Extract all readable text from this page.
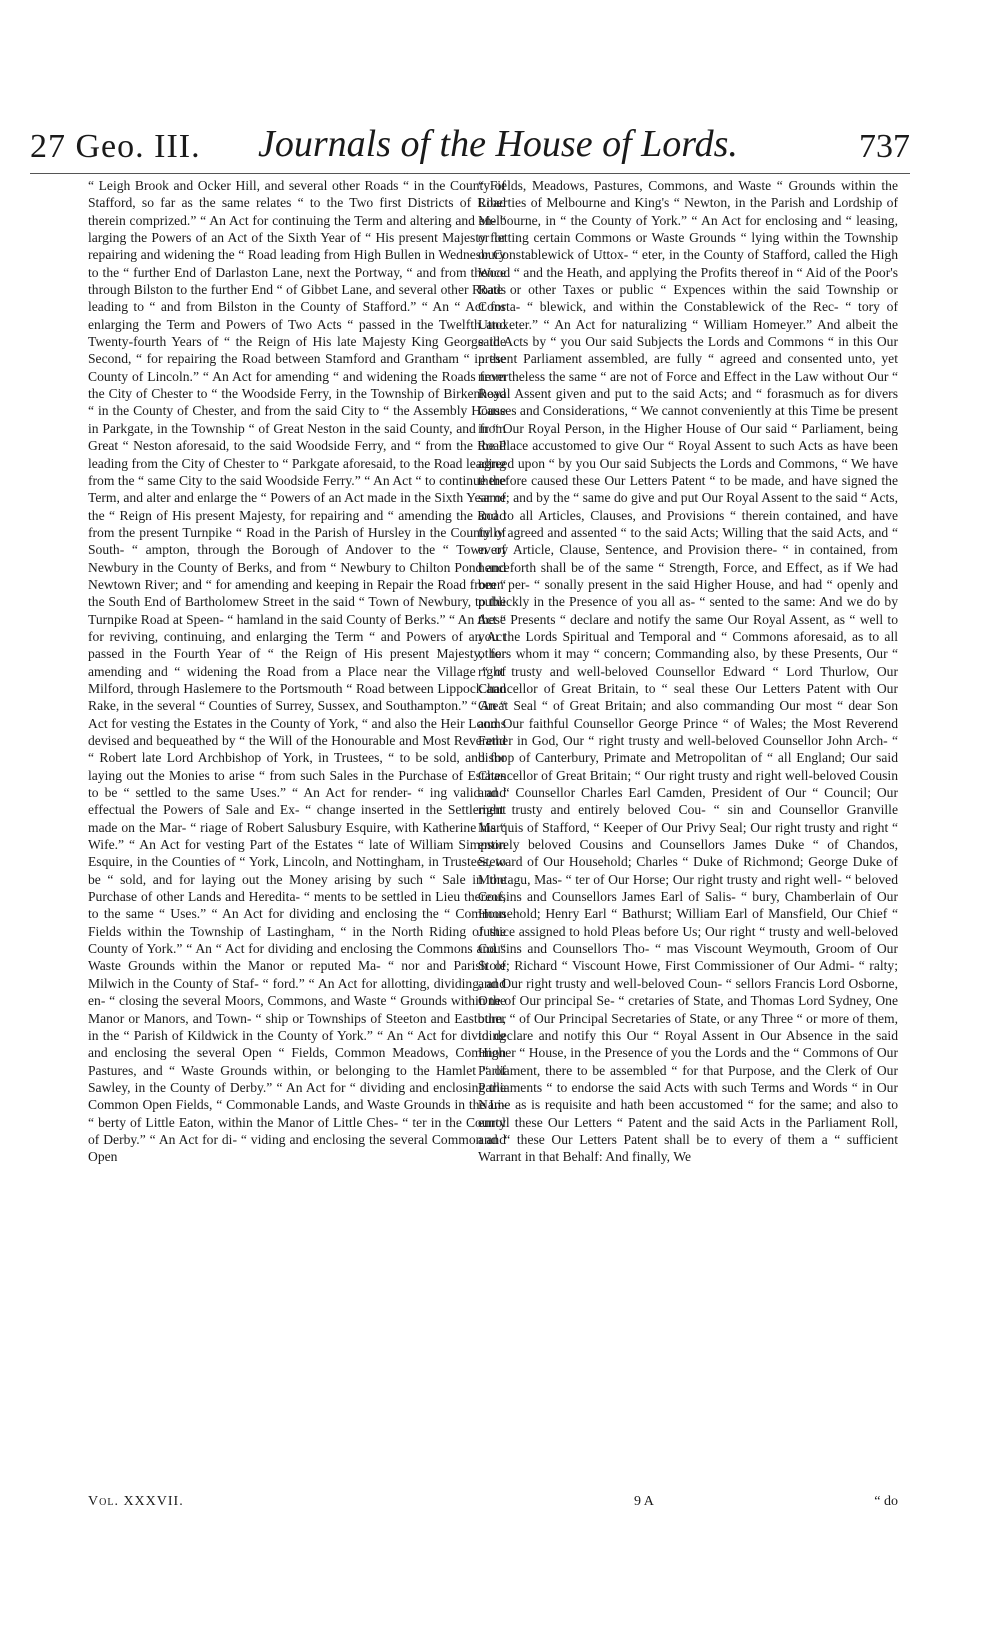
27 Geo. III. Journals of the House of Lords.	737

“ Leigh Brook and Ocker Hill, and several other Roads “ in the County of Stafford, so far as the same relates “ to the Two first Districts of Road therein comprized.” “ An Act for continuing the Term and altering and en- “ larging the Powers of an Act of the Sixth Year of “ His present Majesty for repairing and widening the “ Road leading from High Bullen in Wednesbury to the “ further End of Darlaston Lane, next the Portway, “ and from thence through Bilston to the further End “ of Gibbet Lane, and several other Roads leading to “ and from Bilston in the County of Stafford.” “ An “ Act for enlarging the Term and Powers of Two Acts “ passed in the Twelfth and Twenty-fourth Years of “ the Reign of His late Majesty King George the Second, “ for repairing the Road between Stamford and Grantham “ in the County of Lincoln.” “ An Act for amending “ and widening the Roads from the City of Chester to “ the Woodside Ferry, in the Township of Birkenhead “ in the County of Chester, and from the said City to “ the Assembly House in Parkgate, in the Township “ of Great Neston in the said County, and from Great “ Neston aforesaid, to the said Woodside Ferry, and “ from the Road leading from the City of Chester to “ Parkgate aforesaid, to the Road leading from the “ same City to the said Woodside Ferry.” “ An Act “ to continue the Term, and alter and enlarge the “ Powers of an Act made in the Sixth Year of the “ Reign of His present Majesty, for repairing and “ amending the Road from the present Turnpike “ Road in the Parish of Hursley in the County of South- “ ampton, through the Borough of Andover to the “ Town of Newbury in the County of Berks, and from “ Newbury to Chilton Pond and Newtown River; and “ for amending and keeping in Repair the Road from “ the South End of Bartholomew Street in the said “ Town of Newbury, to the Turnpike Road at Speen- “ hamland in the said County of Berks.” “ An Act “ for reviving, continuing, and enlarging the Term “ and Powers of an Act passed in the Fourth Year of “ the Reign of His present Majesty, for amending and “ widening the Road from a Place near the Village “ of Milford, through Haslemere to the Portsmouth “ Road between Lippock and Rake, in the several “ Counties of Surrey, Sussex, and Southampton.” “ An “ Act for vesting the Estates in the County of York, “ and also the Heir Looms devised and bequeathed by “ the Will of the Honourable and Most Reverend “ Robert late Lord Archbishop of York, in Trustees, “ to be sold, and for laying out the Monies to arise “ from such Sales in the Purchase of Estates to be “ settled to the same Uses.” “ An Act for render- “ ing valid and effectual the Powers of Sale and Ex- “ change inserted in the Settlement made on the Mar- “ riage of Robert Salusbury Esquire, with Katherine his “ Wife.” “ An Act for vesting Part of the Estates “ late of William Simpson Esquire, in the Counties of “ York, Lincoln, and Nottingham, in Trustees, to be “ sold, and for laying out the Money arising by such “ Sale in the Purchase of other Lands and Heredita- “ ments to be settled in Lieu thereof, to the same “ Uses.” “ An Act for dividing and enclosing the “ Common Fields within the Township of Lastingham, “ in the North Riding of the County of York.” “ An “ Act for dividing and enclosing the Commons and “ Waste Grounds within the Manor or reputed Ma- “ nor and Parish of Milwich in the County of Staf- “ ford.” “ An Act for allotting, dividing, and en- “ closing the several Moors, Commons, and Waste “ Grounds within the Manor or Manors, and Town- “ ship or Townships of Steeton and Eastburn, in the “ Parish of Kildwick in the County of York.” “ An “ Act for dividing and enclosing the several Open “ Fields, Common Meadows, Common Pastures, and “ Waste Grounds within, or belonging to the Hamlet “ of Sawley, in the County of Derby.” “ An Act for “ dividing and enclosing the Common Open Fields, “ Commonable Lands, and Waste Grounds in the Li- “ berty of Little Eaton, within the Manor of Little Ches- “ ter in the County of Derby.” “ An Act for di- “ viding and enclosing the several Common and Open

“ Fields, Meadows, Pastures, Commons, and Waste “ Grounds within the Liberties of Melbourne and King's “ Newton, in the Parish and Lordship of Melbourne, in “ the County of York.” “ An Act for enclosing and “ leasing, or letting certain Commons or Waste Grounds “ lying within the Township or Constablewick of Uttox- “ eter, in the County of Stafford, called the High Wood “ and the Heath, and applying the Profits thereof in “ Aid of the Poor's Rate or other Taxes or public “ Expences within the said Township or Consta- “ blewick, and within the Constablewick of the Rec- “ tory of Uttoxeter.” “ An Act for naturalizing “ William Homeyer.” And albeit the said Acts by “ you Our said Subjects the Lords and Commons “ in this Our present Parliament assembled, are fully “ agreed and consented unto, yet nevertheless the same “ are not of Force and Effect in the Law without Our “ Royal Assent given and put to the said Acts; and “ forasmuch as for divers Causes and Considerations, “ We cannot conveniently at this Time be present in “ Our Royal Person, in the Higher House of Our said “ Parliament, being the Place accustomed to give Our “ Royal Assent to such Acts as have been agreed upon “ by you Our said Subjects the Lords and Commons, “ We have therefore caused these Our Letters Patent “ to be made, and have signed the same; and by the “ same do give and put Our Royal Assent to the said “ Acts, and to all Articles, Clauses, and Provisions “ therein contained, and have fully agreed and assented “ to the said Acts; Willing that the said Acts, and “ every Article, Clause, Sentence, and Provision there- “ in contained, from henceforth shall be of the same “ Strength, Force, and Effect, as if We had been per- “ sonally present in the said Higher House, and had “ openly and publickly in the Presence of you all as- “ sented to the same: And we do by these Presents “ declare and notify the same Our Royal Assent, as “ well to you the Lords Spiritual and Temporal and “ Commons aforesaid, as to all others whom it may “ concern; Commanding also, by these Presents, Our “ right trusty and well-beloved Counsellor Edward “ Lord Thurlow, Our Chancellor of Great Britain, to “ seal these Our Letters Patent with Our Great Seal “ of Great Britain; and also commanding Our most “ dear Son and Our faithful Counsellor George Prince “ of Wales; the Most Reverend Father in God, Our “ right trusty and well-beloved Counsellor John Arch- “ bishop of Canterbury, Primate and Metropolitan of “ all England; Our said Chancellor of Great Britain; “ Our right trusty and right well-beloved Cousin and “ Counsellor Charles Earl Camden, President of Our “ Council; Our right trusty and entirely beloved Cou- “ sin and Counsellor Granville Marquis of Stafford, “ Keeper of Our Privy Seal; Our right trusty and right “ entirely beloved Cousins and Counsellors James Duke “ of Chandos, Steward of Our Household; Charles “ Duke of Richmond; George Duke of Montagu, Mas- “ ter of Our Horse; Our right trusty and right well- “ beloved Cousins and Counsellors James Earl of Salis- “ bury, Chamberlain of Our Household; Henry Earl “ Bathurst; William Earl of Mansfield, Our Chief “ Justice assigned to hold Pleas before Us; Our right “ trusty and well-beloved Cousins and Counsellors Tho- “ mas Viscount Weymouth, Groom of Our Stole; Richard “ Viscount Howe, First Commissioner of Our Admi- “ ralty; and Our right trusty and well-beloved Coun- “ sellors Francis Lord Osborne, One of Our principal Se- “ cretaries of State, and Thomas Lord Sydney, One other “ of Our Principal Secretaries of State, or any Three “ or more of them, to declare and notify this Our “ Royal Assent in Our Absence in the said Higher “ House, in the Presence of you the Lords and the “ Commons of Our Parliament, there to be assembled “ for that Purpose, and the Clerk of Our Parliaments “ to endorse the said Acts with such Terms and Words “ in Our Name as is requisite and hath been accustomed “ for the same; and also to enroll these Our Letters “ Patent and the said Acts in the Parliament Roll, and “ these Our Letters Patent shall be to every of them a “ sufficient Warrant in that Behalf: And finally, We

Vol. XXXVII.	9 A	“ do
